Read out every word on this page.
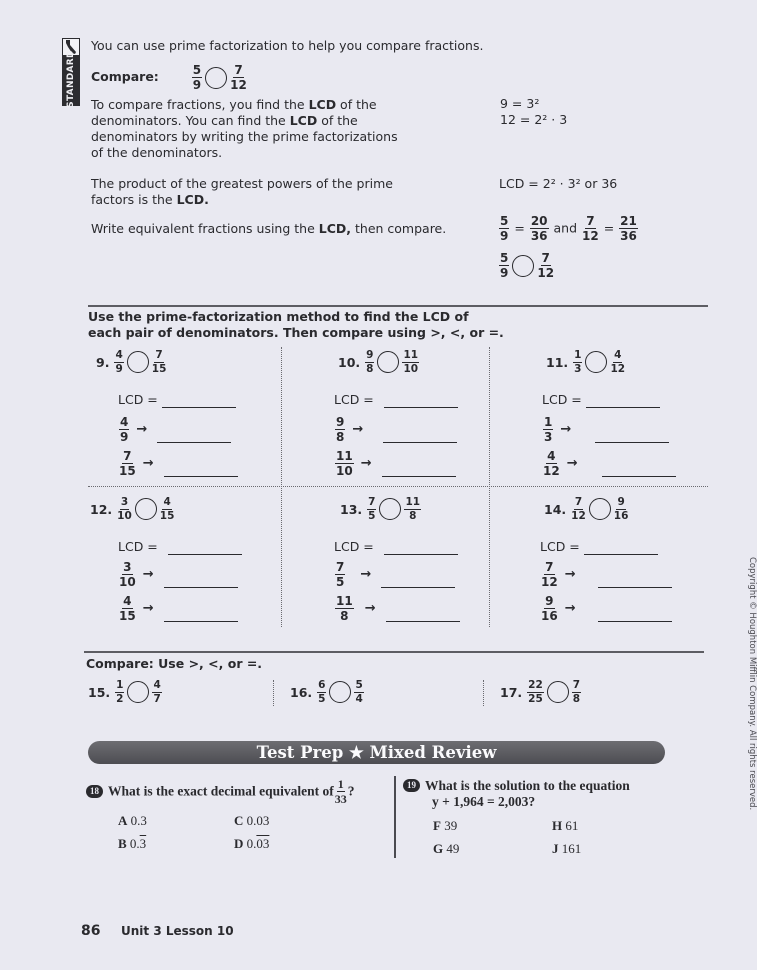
STANDARD
You can use prime factorization to help you compare fractions.
Compare:	$\frac{5}{9} \frac{7}{12}$
To compare fractions, you find the LCD of the
denominators. You can find the LCD of the
denominators by writing the prime factorizations
of the denominators.
The product of the greatest powers of the prime
factors is the LCD.
Write equivalent fractions using the LCD, then compare.
9 = 3²
12 = 2² · 3
LCD = 2² · 3² or 36
$\frac{5}{9} = \frac{20}{36}$ and $\frac{7}{12} = \frac{21}{36}$
$\frac{5}{9} \frac{7}{12}$
Use the prime-factorization method to find the LCD of
each pair of denominators. Then compare using >, <, or =.
9. $\frac{4}{9}$	$\frac{7}{15}$
LCD =
$\frac{4}{9}$ →
$\frac{7}{15}$ →
10. $\frac{9}{8}$	$\frac{11}{10}$
LCD =
$\frac{9}{8}$ →
$\frac{11}{10}$ →
11. $\frac{1}{3}$	$\frac{4}{12}$
LCD =
$\frac{1}{3}$ →
$\frac{4}{12}$ →
12. $\frac{3}{10}$	$\frac{4}{15}$
LCD =
$\frac{3}{10}$ →
$\frac{4}{15}$ →
13. $\frac{7}{5}$	$\frac{11}{8}$
LCD =
$\frac{7}{5}$ →
$\frac{11}{8}$ →
14. $\frac{7}{12}$	$\frac{9}{16}$
LCD =
$\frac{7}{12}$ →
$\frac{9}{16}$ →
Compare: Use >, <, or =.
15. $\frac{1}{2}$	$\frac{4}{7}$	16. $\frac{6}{5}$	$\frac{5}{4}$	17. $\frac{22}{25}$	$\frac{7}{8}$
Test Prep ★ Mixed Review
18 What is the exact decimal equivalent of $\frac{1}{33}$ ?
A 0.3	C 0.03
B 0.3	D 0.03
19 What is the solution to the equation
y + 1,964 = 2,003?
F 39	H 61
G 49	J 161
86 Unit 3 Lesson 10
Copyright © Houghton Mifflin Company. All rights reserved.
